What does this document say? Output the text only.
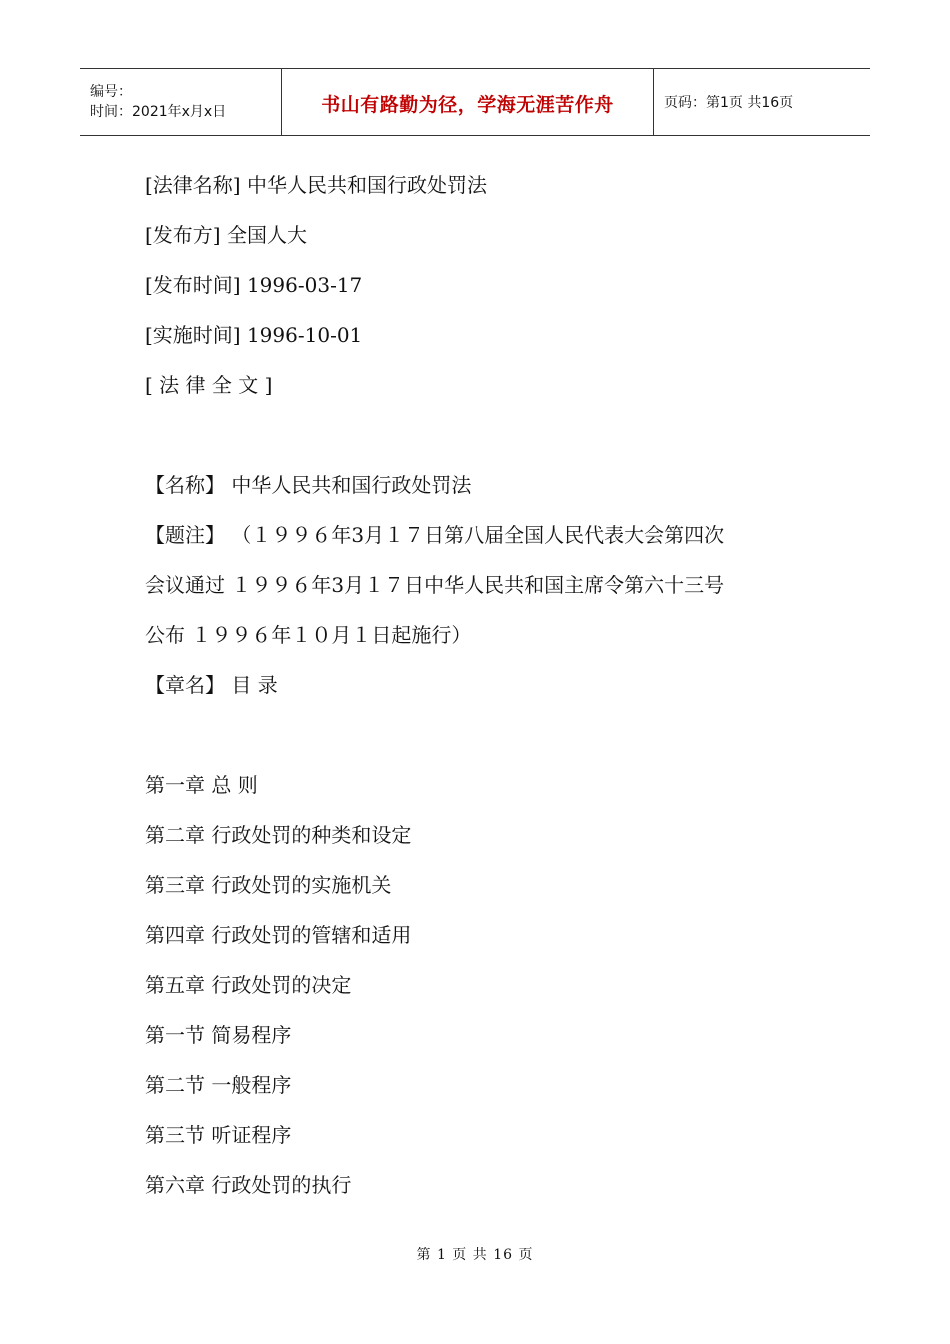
编号：
时间：2021年x月x日	书山有路勤为径，学海无涯苦作舟	页码：第1页 共16页
[法律名称] 中华人民共和国行政处罚法
[发布方] 全国人大
[发布时间] 1996-03-17
[实施时间] 1996-10-01
[ 法 律 全 文 ]
【名称】 中华人民共和国行政处罚法
【题注】 （１９９６年3月１７日第八届全国人民代表大会第四次
会议通过 １９９６年3月１７日中华人民共和国主席令第六十三号
公布 １９９６年１０月１日起施行）
【章名】 目 录
第一章 总 则
第二章 行政处罚的种类和设定
第三章 行政处罚的实施机关
第四章 行政处罚的管辖和适用
第五章 行政处罚的决定
第一节 简易程序
第二节 一般程序
第三节 听证程序
第六章 行政处罚的执行
第 1 页 共 16 页
